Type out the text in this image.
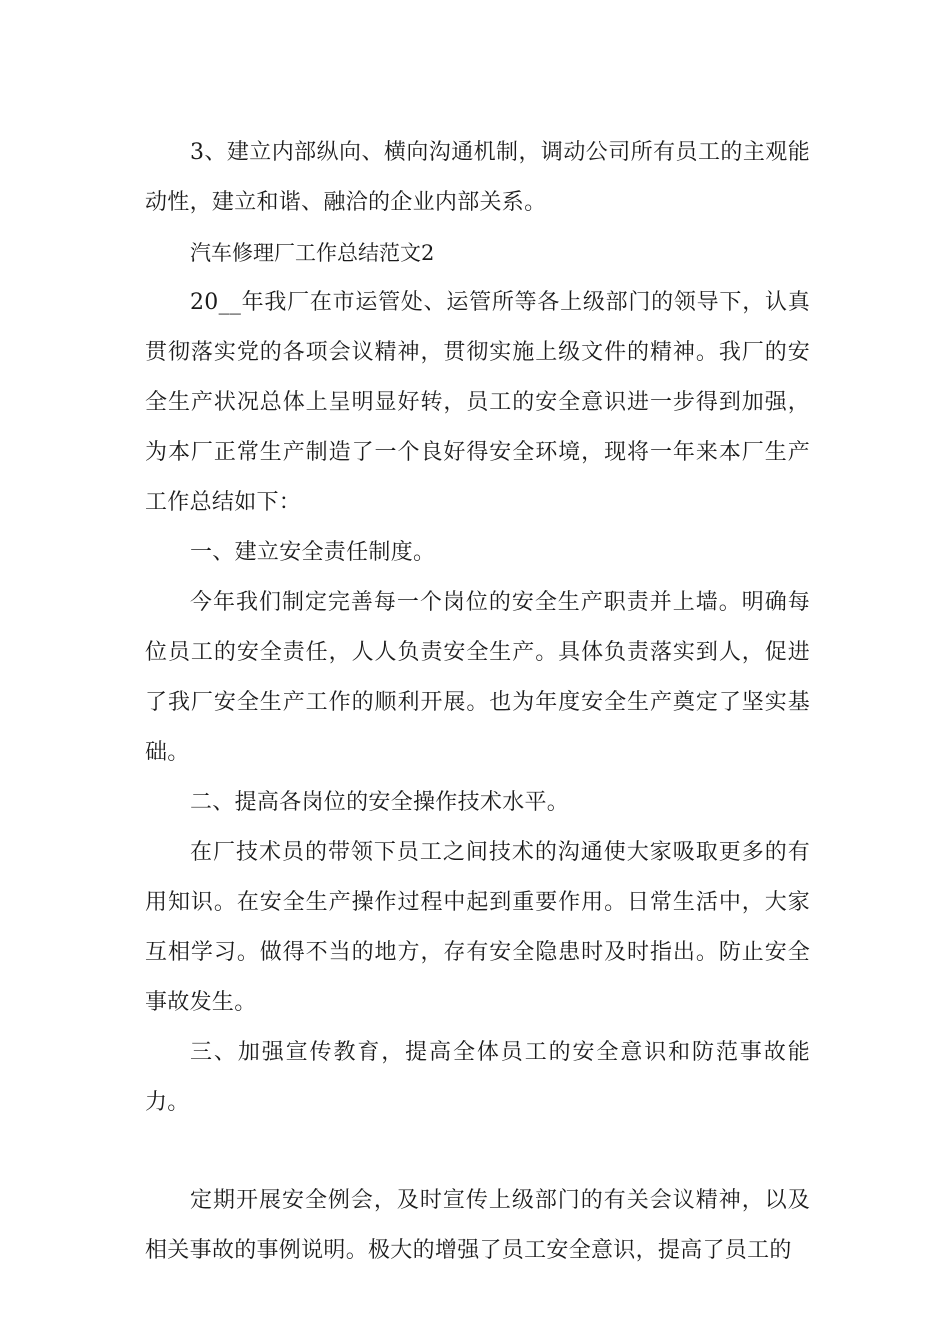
3、建立内部纵向、横向沟通机制，调动公司所有员工的主观能动性，建立和谐、融洽的企业内部关系。

汽车修理厂工作总结范文2

20__年我厂在市运管处、运管所等各上级部门的领导下，认真贯彻落实党的各项会议精神，贯彻实施上级文件的精神。我厂的安全生产状况总体上呈明显好转，员工的安全意识进一步得到加强，为本厂正常生产制造了一个良好得安全环境，现将一年来本厂生产工作总结如下：

一、建立安全责任制度。

今年我们制定完善每一个岗位的安全生产职责并上墙。明确每位员工的安全责任，人人负责安全生产。具体负责落实到人，促进了我厂安全生产工作的顺利开展。也为年度安全生产奠定了坚实基础。

二、提高各岗位的安全操作技术水平。

在厂技术员的带领下员工之间技术的沟通使大家吸取更多的有用知识。在安全生产操作过程中起到重要作用。日常生活中，大家互相学习。做得不当的地方，存有安全隐患时及时指出。防止安全事故发生。

三、加强宣传教育，提高全体员工的安全意识和防范事故能力。

定期开展安全例会，及时宣传上级部门的有关会议精神，以及相关事故的事例说明。极大的增强了员工安全意识，提高了员工的
